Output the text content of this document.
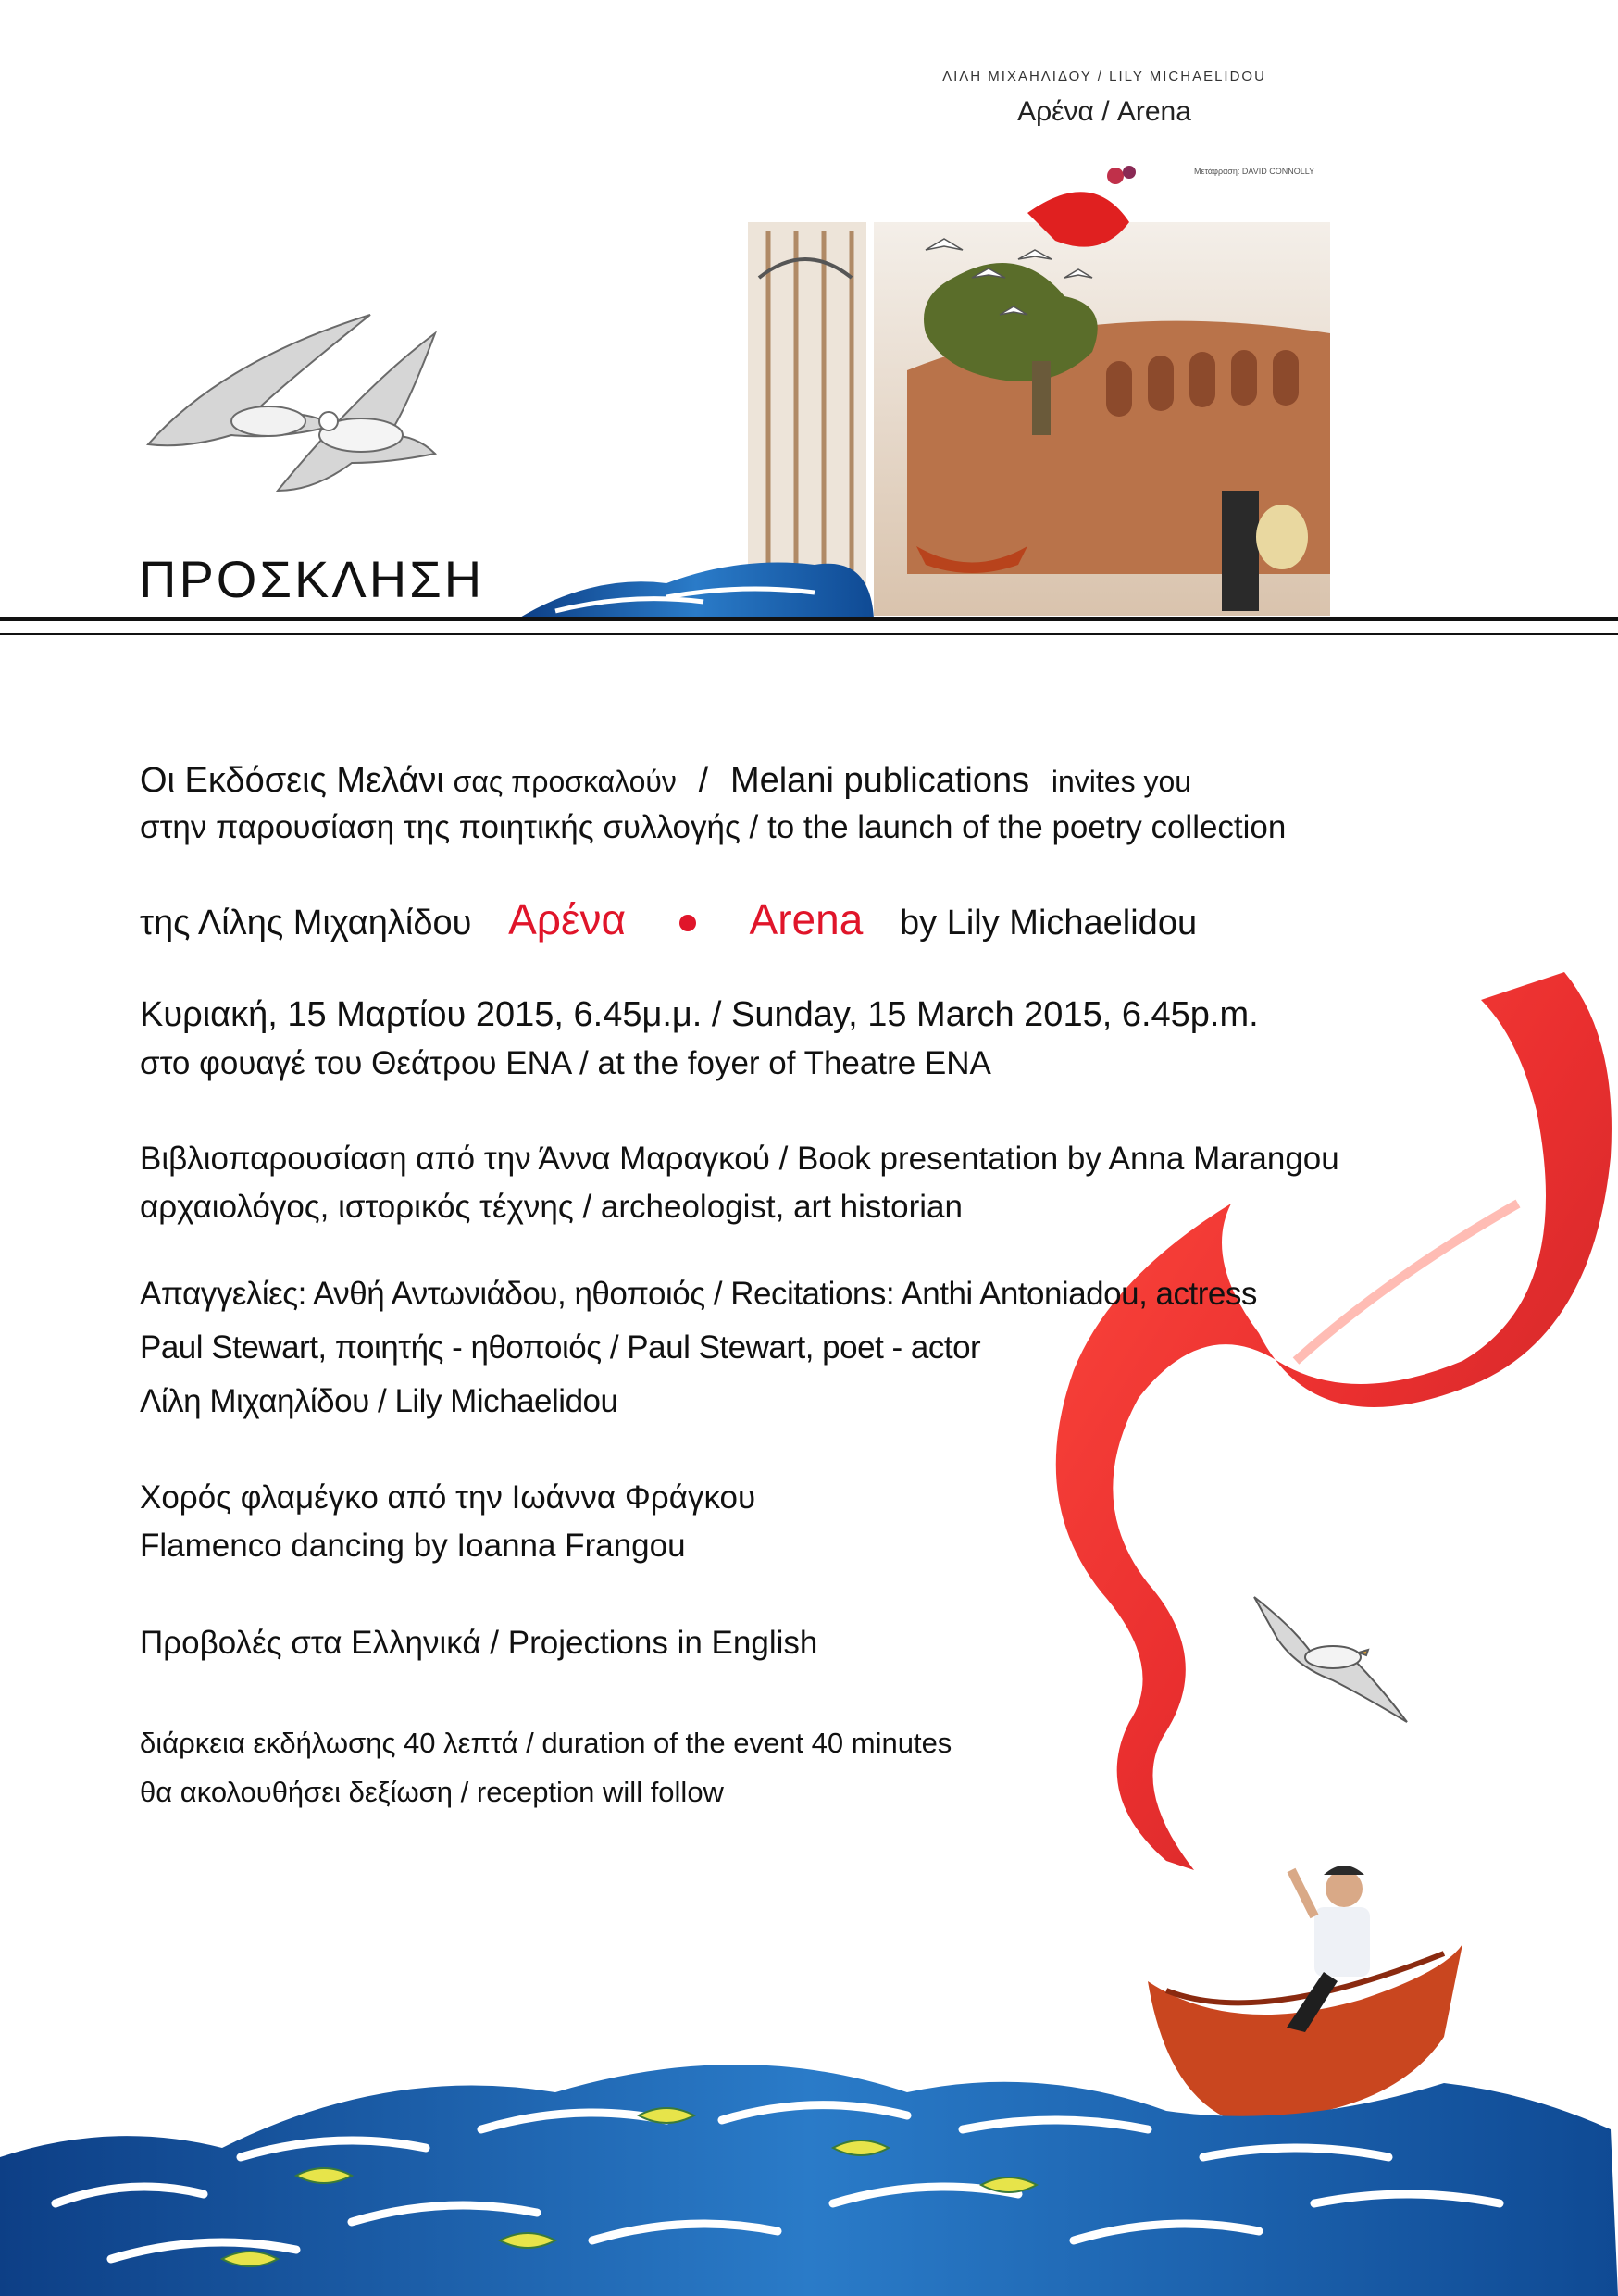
ΛΙΛΗ ΜΙΧΑΗΛΙΔΟΥ / LILY MICHAELIDOU
Αρένα / Arena
Μετάφραση: DAVID CONNOLLY
ΠΡΟΣΚΛΗΣΗ
Οι Εκδόσεις Μελάνι σας προσκαλούν / Melani publications invites you
στην παρουσίαση της ποιητικής συλλογής / to the launch of the poetry collection
της Λίλης Μιχαηλίδου Αρένα	Arena by Lily Michaelidou
Κυριακή, 15 Μαρτίου 2015, 6.45μ.μ. / Sunday, 15 March 2015, 6.45p.m.
στο φουαγέ του Θεάτρου ΕΝΑ / at the foyer of Theatre ENA
Βιβλιοπαρουσίαση από την Άννα Μαραγκού / Book presentation by Anna Marangou
αρχαιολόγος, ιστορικός τέχνης / archeologist, art historian
Απαγγελίες: Ανθή Αντωνιάδου, ηθοποιός / Recitations: Anthi Antoniadou, actress
Paul Stewart, ποιητής - ηθοποιός / Paul Stewart, poet - actor
Λίλη Μιχαηλίδου / Lily Michaelidou
Χορός φλαμέγκο από την Ιωάννα Φράγκου
Flamenco dancing by Ioanna Frangou
Προβολές στα Ελληνικά / Projections in English
διάρκεια εκδήλωσης 40 λεπτά / duration of the event 40 minutes
θα ακολουθήσει δεξίωση / reception will follow
